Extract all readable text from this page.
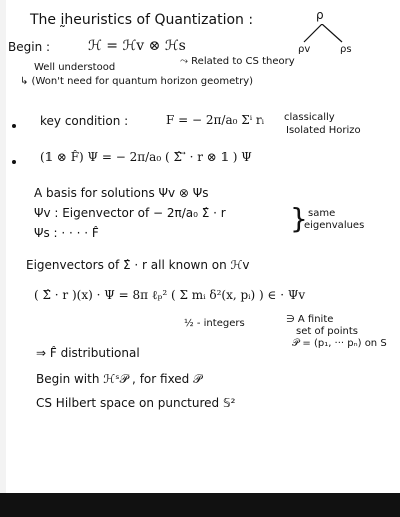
The ḭheuristics of Quantization :	ρ
ρv	ρs
Begin :	ℋ = ℋv ⊗ ℋs
Well understood
⤳ Related to CS theory
↳ (Won't need for quantum horizon geometry)
key condition :	F = − 2π/a₀ Σⁱ rᵢ classically
Isolated Horizo
(𝟙 ⊗ F̂) Ψ = − 2π/a₀ ( Σ̂ ⃗ · r ⊗ 𝟙 ) Ψ
A basis for solutions Ψv ⊗ Ψs
Ψv : Eigenvector of − 2π/a₀ Σ̂ · r
Ψs : · · · · F̂	} same
eigenvalues
Eigenvectors of Σ̂ · r all known on ℋv
( Σ̂ · r )(x) · Ψ = 8π ℓₚ² ( Σ mᵢ δ²(x, pᵢ) ) ∈ · Ψv
½ - integers	∋ A finite
set of points
𝒫 = (p₁, ··· pₙ) on S
⇒ F̂ distributional
Begin with ℋˢ𝒫 , for fixed 𝒫
CS Hilbert space on punctured 𝕊²
